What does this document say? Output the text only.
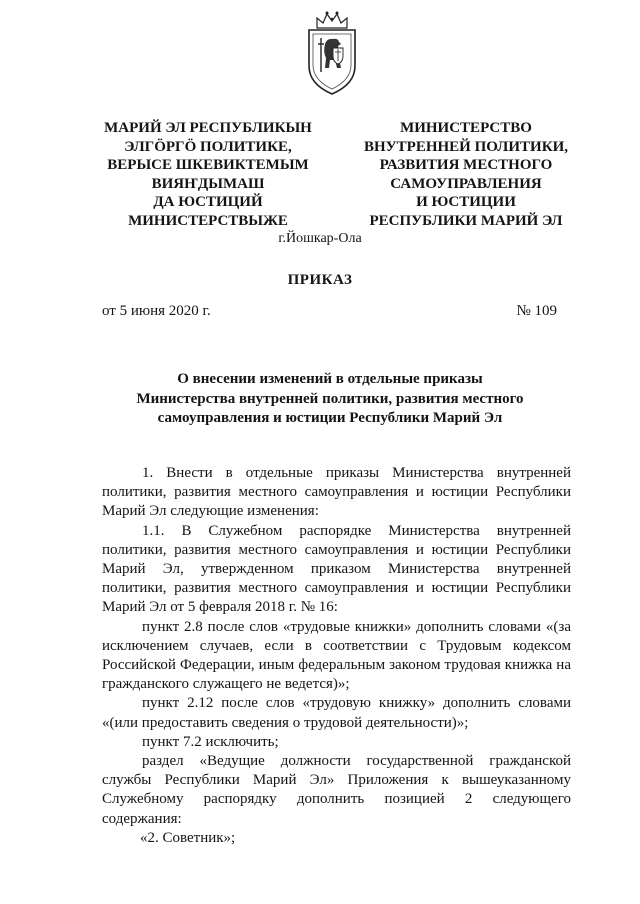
МАРИЙ ЭЛ РЕСПУБЛИКЫН
ЭЛГӦРГӦ ПОЛИТИКЕ,
ВЕРЫСЕ ШКЕВИКТЕМЫМ
ВИЯҤДЫМАШ
ДА ЮСТИЦИЙ
МИНИСТЕРСТВЫЖЕ
МИНИСТЕРСТВО
ВНУТРЕННЕЙ ПОЛИТИКИ,
РАЗВИТИЯ МЕСТНОГО
САМОУПРАВЛЕНИЯ
И ЮСТИЦИИ
РЕСПУБЛИКИ МАРИЙ ЭЛ
г.Йошкар-Ола
ПРИКАЗ
от 5 июня 2020 г.	№ 109
О внесении изменений в отдельные приказы
Министерства внутренней политики, развития местного
самоуправления и юстиции Республики Марий Эл

1. Внести в отдельные приказы Министерства внутренней политики, развития местного самоуправления и юстиции Республики Марий Эл следующие изменения:

1.1. В Служебном распорядке Министерства внутренней политики, развития местного самоуправления и юстиции Республики Марий Эл, утвержденном приказом Министерства внутренней политики, развития местного самоуправления и юстиции Республики Марий Эл от 5 февраля 2018 г. № 16:

пункт 2.8 после слов «трудовые книжки» дополнить словами «(за исключением случаев, если в соответствии с Трудовым кодексом Российской Федерации, иным федеральным законом трудовая книжка на гражданского служащего не ведется)»;

пункт 2.12 после слов «трудовую книжку» дополнить словами «(или предоставить сведения о трудовой деятельности)»;

пункт 7.2 исключить;

раздел «Ведущие должности государственной гражданской службы Республики Марий Эл» Приложения к вышеуказанному Служебному распорядку дополнить позицией 2 следующего содержания:

«2. Советник»;
